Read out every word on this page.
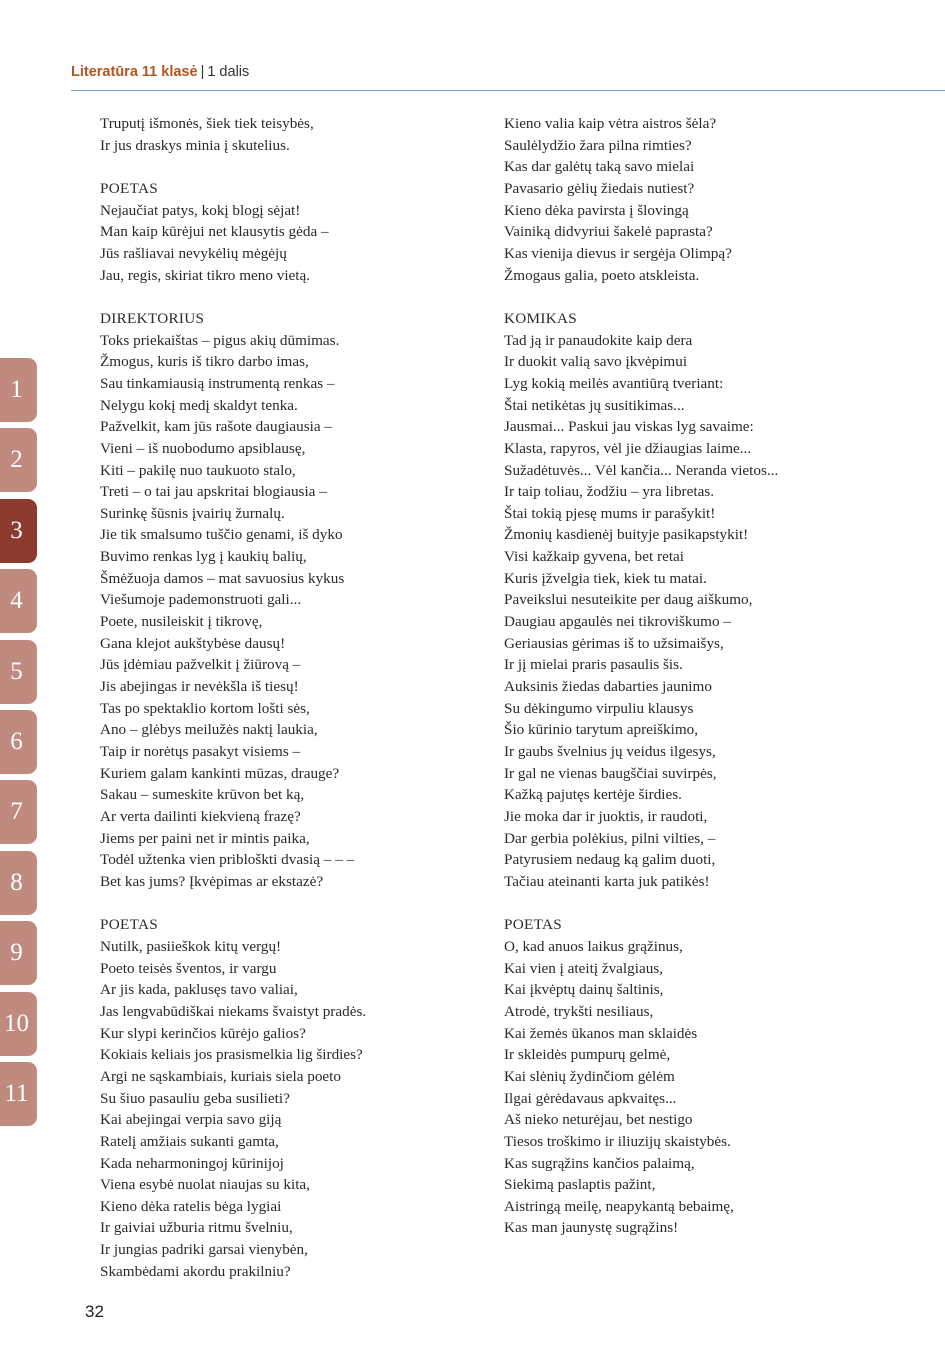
Literatūra 11 klasė | 1 dalis
1
2
3
4
5
6
7
8
9
10
11
Truputį išmonės, šiek tiek teisybės,
Ir jus draskys minia į skutelius.
POETAS
Nejaučiat patys, kokį blogį sėjat!
Man kaip kūrėjui net klausytis gėda –
Jūs rašliavai nevykėlių mėgėjų
Jau, regis, skiriat tikro meno vietą.
DIREKTORIUS
Toks priekaištas – pigus akių dūmimas.
Žmogus, kuris iš tikro darbo imas,
Sau tinkamiausią instrumentą renkas –
Nelygu kokį medį skaldyt tenka.
Pažvelkit, kam jūs rašote daugiausia –
Vieni – iš nuobodumo apsiblausę,
Kiti – pakilę nuo taukuoto stalo,
Treti – o tai jau apskritai blogiausia –
Surinkę šūsnis įvairių žurnalų.
Jie tik smalsumo tuščio genami, iš dyko
Buvimo renkas lyg į kaukių balių,
Šmėžuoja damos – mat savuosius kykus
Viešumoje pademonstruoti gali...
Poete, nusileiskit į tikrovę,
Gana klejot aukštybėse dausų!
Jūs įdėmiau pažvelkit į žiūrovą –
Jis abejingas ir nevėkšla iš tiesų!
Tas po spektaklio kortom lošti sės,
Ano – glėbys meilužės naktį laukia,
Taip ir norėtųs pasakyt visiems –
Kuriem galam kankinti mūzas, drauge?
Sakau – sumeskite krūvon bet ką,
Ar verta dailinti kiekvieną frazę?
Jiems per paini net ir mintis paika,
Todėl užtenka vien pribloškti dvasią – – –
Bet kas jums? Įkvėpimas ar ekstazė?
POETAS
Nutilk, pasiieškok kitų vergų!
Poeto teisės šventos, ir vargu
Ar jis kada, paklusęs tavo valiai,
Jas lengvabūdiškai niekams švaistyt pradės.
Kur slypi kerinčios kūrėjo galios?
Kokiais keliais jos prasismelkia lig širdies?
Argi ne sąskambiais, kuriais siela poeto
Su šiuo pasauliu geba susilieti?
Kai abejingai verpia savo giją
Ratelį amžiais sukanti gamta,
Kada neharmoningoj kūrinijoj
Viena esybė nuolat niaujas su kita,
Kieno dėka ratelis bėga lygiai
Ir gaiviai užburia ritmu švelniu,
Ir jungias padriki garsai vienybėn,
Skambėdami akordu prakilniu?
Kieno valia kaip vėtra aistros šėla?
Saulėlydžio žara pilna rimties?
Kas dar galėtų taką savo mielai
Pavasario gėlių žiedais nutiest?
Kieno dėka pavirsta į šlovingą
Vainiką didvyriui šakelė paprasta?
Kas vienija dievus ir sergėja Olimpą?
Žmogaus galia, poeto atskleista.
KOMIKAS
Tad ją ir panaudokite kaip dera
Ir duokit valią savo įkvėpimui
Lyg kokią meilės avantiūrą tveriant:
Štai netikėtas jų susitikimas...
Jausmai... Paskui jau viskas lyg savaime:
Klasta, rapyros, vėl jie džiaugias laime...
Sužadėtuvės... Vėl kančia... Neranda vietos...
Ir taip toliau, žodžiu – yra libretas.
Štai tokią pjesę mums ir parašykit!
Žmonių kasdienėj buityje pasikapstykit!
Visi kažkaip gyvena, bet retai
Kuris įžvelgia tiek, kiek tu matai.
Paveikslui nesuteikite per daug aiškumo,
Daugiau apgaulės nei tikroviškumo –
Geriausias gėrimas iš to užsimaišys,
Ir jį mielai praris pasaulis šis.
Auksinis žiedas dabarties jaunimo
Su dėkingumo virpuliu klausys
Šio kūrinio tarytum apreiškimo,
Ir gaubs švelnius jų veidus ilgesys,
Ir gal ne vienas baugščiai suvirpės,
Kažką pajutęs kertėje širdies.
Jie moka dar ir juoktis, ir raudoti,
Dar gerbia polėkius, pilni vilties, –
Patyrusiem nedaug ką galim duoti,
Tačiau ateinanti karta juk patikės!
POETAS
O, kad anuos laikus grąžinus,
Kai vien į ateitį žvalgiaus,
Kai įkvėptų dainų šaltinis,
Atrodė, trykšti nesiliaus,
Kai žemės ūkanos man sklaidės
Ir skleidės pumpurų gelmė,
Kai slėnių žydinčiom gėlėm
Ilgai gėrėdavaus apkvaitęs...
Aš nieko neturėjau, bet nestigo
Tiesos troškimo ir iliuzijų skaistybės.
Kas sugrąžins kančios palaimą,
Siekimą paslaptis pažint,
Aistringą meilę, neapykantą bebaimę,
Kas man jaunystę sugrąžins!
32
